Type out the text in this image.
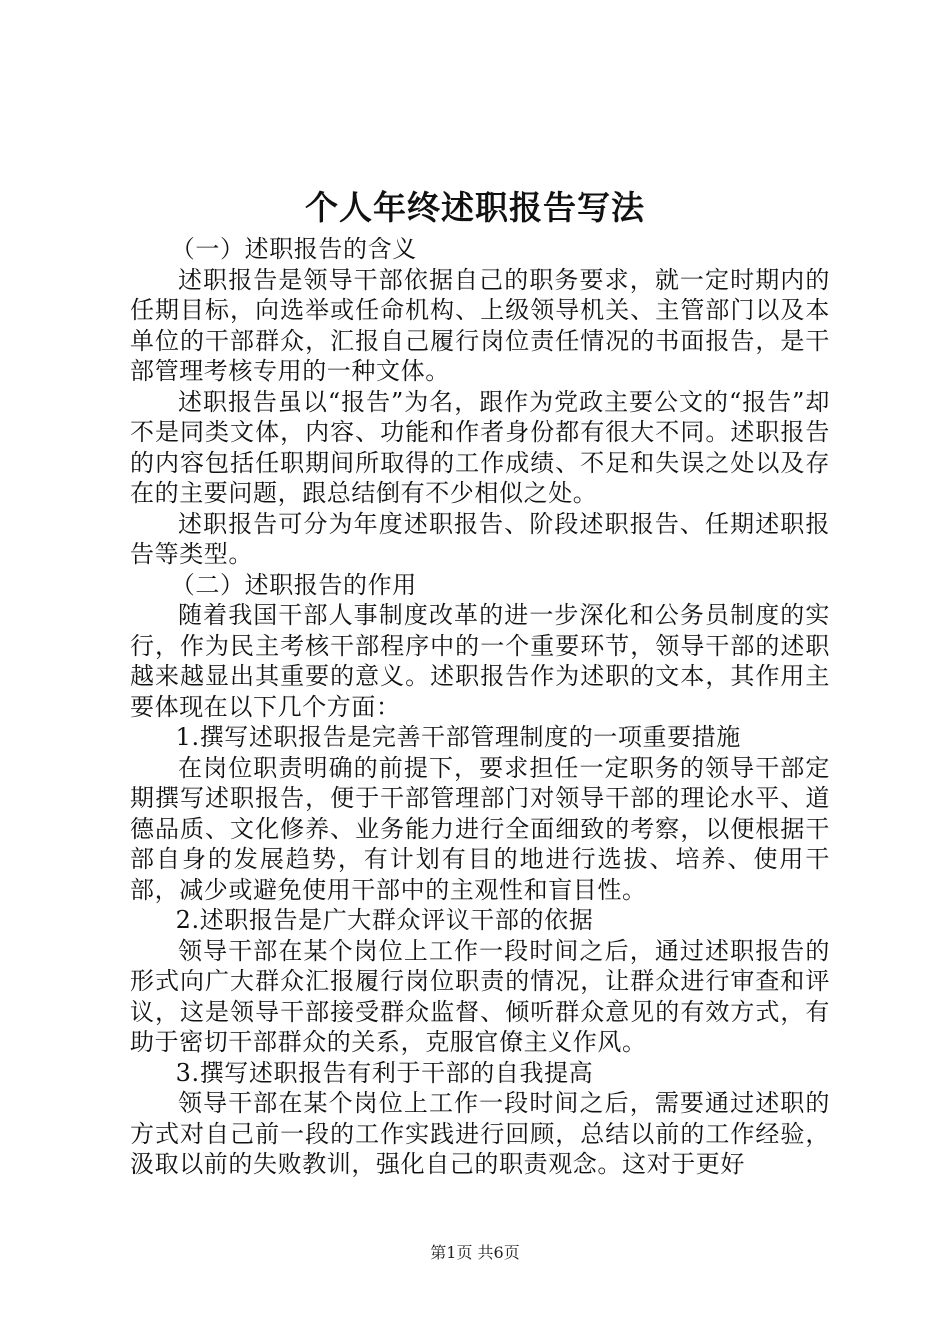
个人年终述职报告写法

（一）述职报告的含义

述职报告是领导干部依据自己的职务要求，就一定时期内的任期目标，向选举或任命机构、上级领导机关、主管部门以及本单位的干部群众，汇报自己履行岗位责任情况的书面报告，是干部管理考核专用的一种文体。

述职报告虽以“报告”为名，跟作为党政主要公文的“报告”却不是同类文体，内容、功能和作者身份都有很大不同。述职报告的内容包括任职期间所取得的工作成绩、不足和失误之处以及存在的主要问题，跟总结倒有不少相似之处。

述职报告可分为年度述职报告、阶段述职报告、任期述职报告等类型。

（二）述职报告的作用

随着我国干部人事制度改革的进一步深化和公务员制度的实行，作为民主考核干部程序中的一个重要环节，领导干部的述职越来越显出其重要的意义。述职报告作为述职的文本，其作用主要体现在以下几个方面：

1.撰写述职报告是完善干部管理制度的一项重要措施

在岗位职责明确的前提下，要求担任一定职务的领导干部定期撰写述职报告，便于干部管理部门对领导干部的理论水平、道德品质、文化修养、业务能力进行全面细致的考察，以便根据干部自身的发展趋势，有计划有目的地进行选拔、培养、使用干部，减少或避免使用干部中的主观性和盲目性。

2.述职报告是广大群众评议干部的依据

领导干部在某个岗位上工作一段时间之后，通过述职报告的形式向广大群众汇报履行岗位职责的情况，让群众进行审查和评议，这是领导干部接受群众监督、倾听群众意见的有效方式，有助于密切干部群众的关系，克服官僚主义作风。

3.撰写述职报告有利于干部的自我提高

领导干部在某个岗位上工作一段时间之后，需要通过述职的方式对自己前一段的工作实践进行回顾，总结以前的工作经验，汲取以前的失败教训，强化自己的职责观念。这对于更好

第1页 共6页
